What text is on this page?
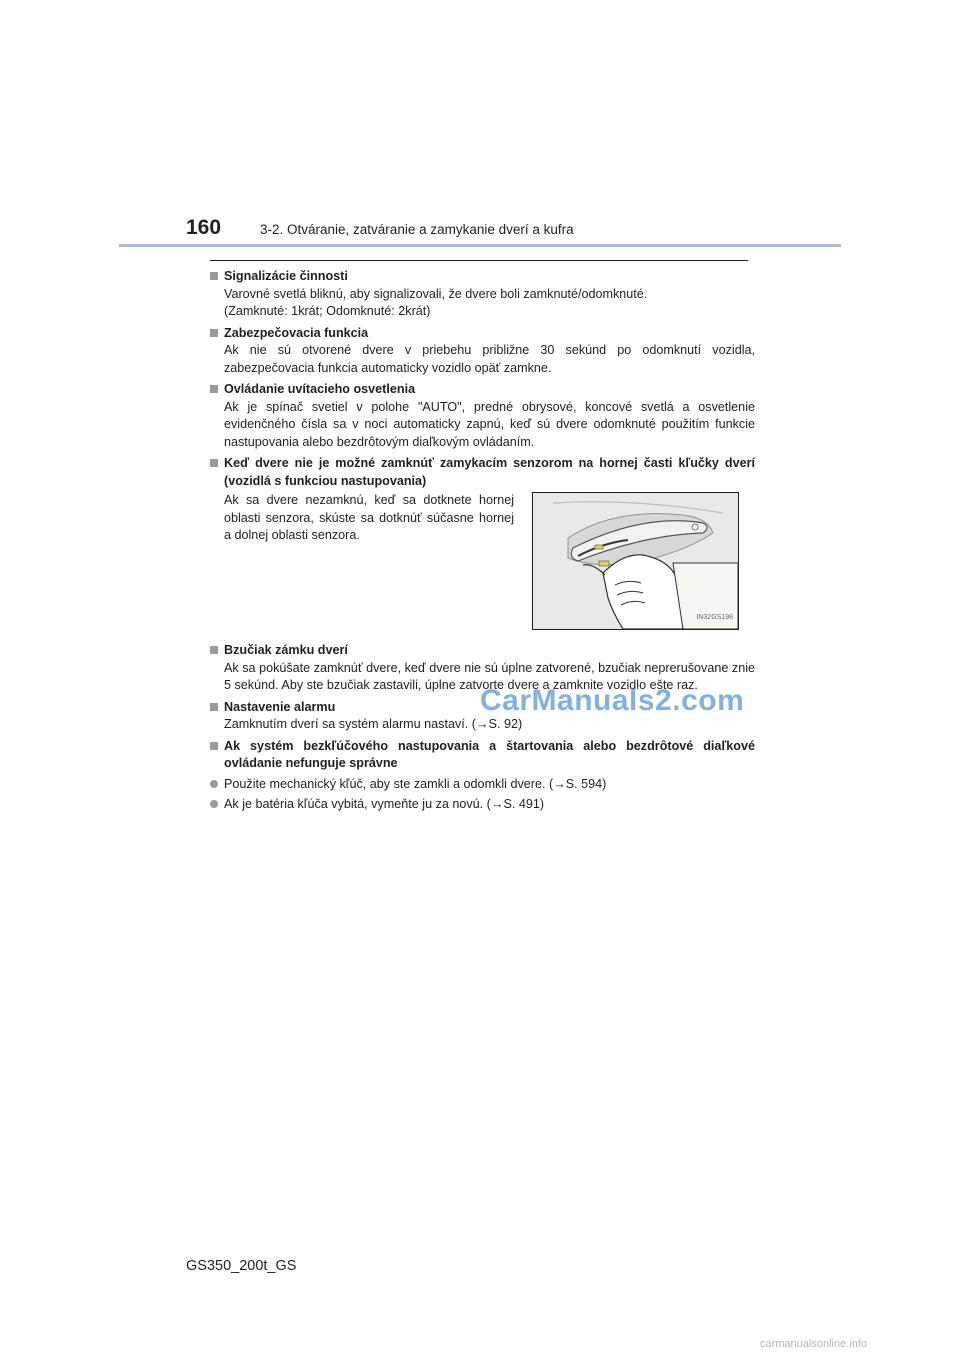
160	3-2. Otváranie, zatváranie a zamykanie dverí a kufra
Signalizácie činnosti
Varovné svetlá bliknú, aby signalizovali, že dvere boli zamknuté/odomknuté.
(Zamknuté: 1krát; Odomknuté: 2krát)
Zabezpečovacia funkcia
Ak nie sú otvorené dvere v priebehu približne 30 sekúnd po odomknutí vozidla, zabezpečovacia funkcia automaticky vozidlo opäť zamkne.
Ovládanie uvítacieho osvetlenia
Ak je spínač svetiel v polohe "AUTO", predné obrysové, koncové svetlá a osvetlenie evidenčného čísla sa v noci automaticky zapnú, keď sú dvere odomknuté použitím funkcie nastupovania alebo bezdrôtovým diaľkovým ovládaním.
Keď dvere nie je možné zamknúť zamykacím senzorom na hornej časti kľučky dverí (vozidlá s funkciou nastupovania)
Ak sa dvere nezamknú, keď sa dotknete hornej oblasti senzora, skúste sa dotknúť súčasne hornej a dolnej oblasti senzora.
IN32GS198
Bzučiak zámku dverí
Ak sa pokúšate zamknúť dvere, keď dvere nie sú úplne zatvorené, bzučiak neprerušovane znie 5 sekúnd. Aby ste bzučiak zastavili, úplne zatvorte dvere a zamknite vozidlo ešte raz.
Nastavenie alarmu
Zamknutím dverí sa systém alarmu nastaví. (→S. 92)
Ak systém bezkľúčového nastupovania a štartovania alebo bezdrôtové diaľkové ovládanie nefunguje správne
Použite mechanický kľúč, aby ste zamkli a odomkli dvere. (→S. 594)
Ak je batéria kľúča vybitá, vymeňte ju za novú. (→S. 491)
CarManuals2.com
GS350_200t_GS
carmanualsonline.info
